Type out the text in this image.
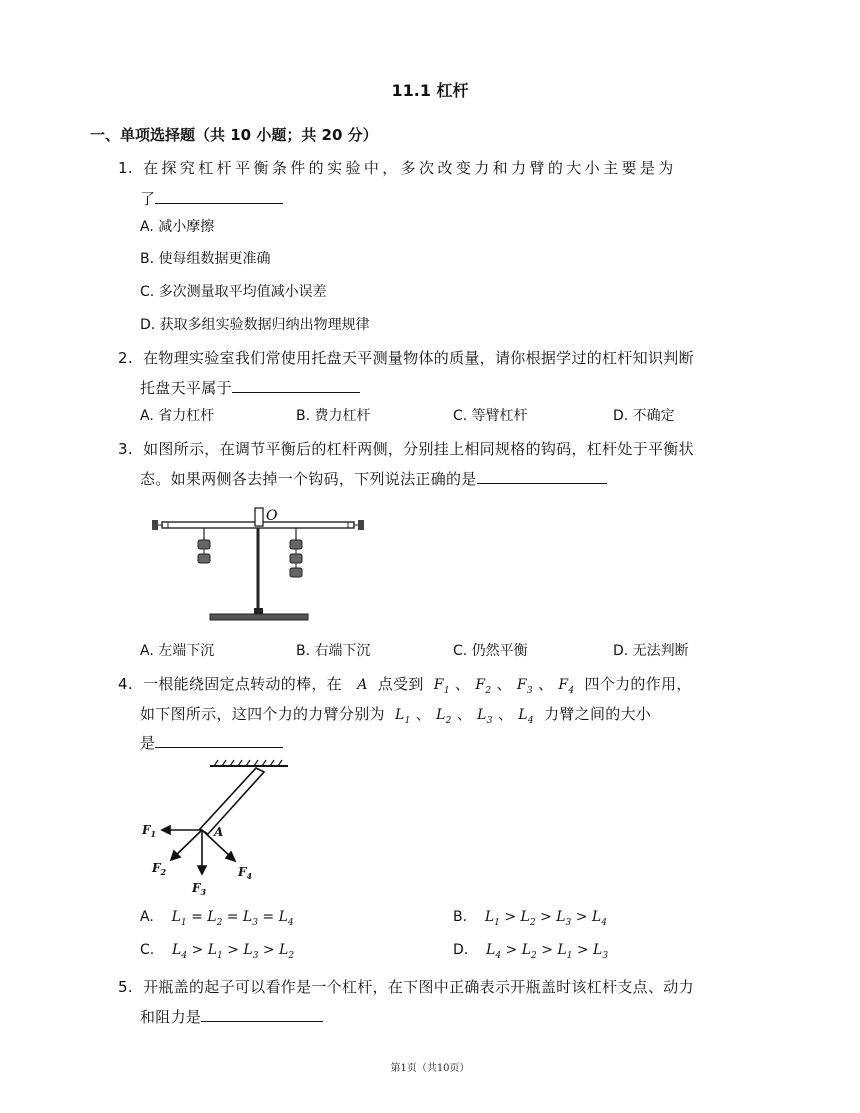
11.1 杠杆
一、单项选择题（共 10 小题；共 20 分）
1. 在探究杠杆平衡条件的实验中，多次改变力和力臂的大小主要是为
了
A. 减小摩擦
B. 使每组数据更准确
C. 多次测量取平均值减小误差
D. 获取多组实验数据归纳出物理规律
2. 在物理实验室我们常使用托盘天平测量物体的质量，请你根据学过的杠杆知识判断
托盘天平属于
A. 省力杠杆	B. 费力杠杆	C. 等臂杠杆	D. 不确定
3. 如图所示，在调节平衡后的杠杆两侧，分别挂上相同规格的钩码，杠杆处于平衡状
态。如果两侧各去掉一个钩码，下列说法正确的是
O
A. 左端下沉	B. 右端下沉	C. 仍然平衡	D. 无法判断
4. 一根能绕固定点转动的棒，在 A 点受到 $F_1$ 、 $F_2$ 、 $F_3$ 、 $F_4$ 四个力的作用，
如下图所示，这四个力的力臂分别为 $L_1$ 、 $L_2$ 、 $L_3$ 、 $L_4$ 力臂之间的大小
是
$F_1$
$F_2$
$F_3$
$F_4$
A
A. $L_1 = L_2 = L_3 = L_4$	B. $L_1 > L_2 > L_3 > L_4$
C. $L_4 > L_1 > L_3 > L_2$	D. $L_4 > L_2 > L_1 > L_3$
5. 开瓶盖的起子可以看作是一个杠杆，在下图中正确表示开瓶盖时该杠杆支点、动力
和阻力是
第1页（共10页）
